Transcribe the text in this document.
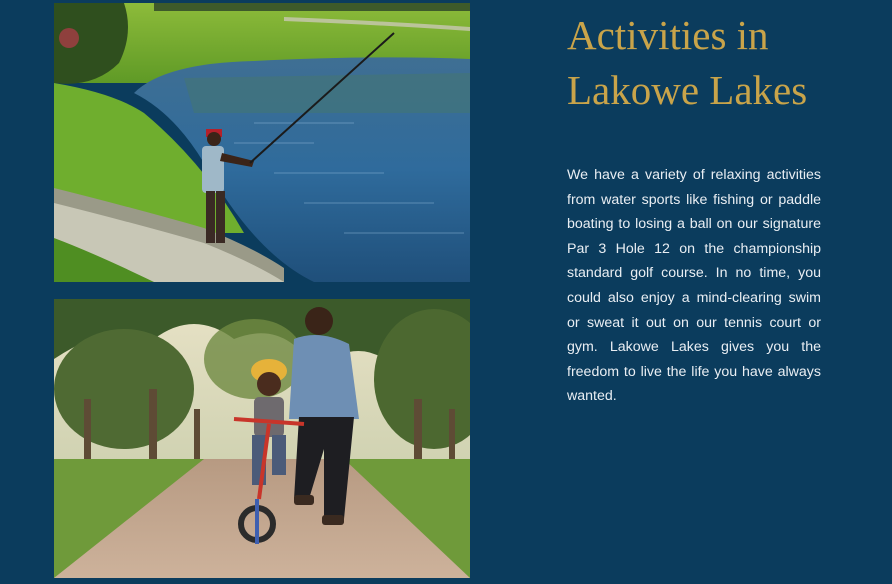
Activities in
Lakowe Lakes

We have a variety of relaxing activities from water sports like fishing or paddle boating to losing a ball on our signature Par 3 Hole 12 on the championship standard golf course. In no time, you could also enjoy a mind-clearing swim or sweat it out on our tennis court or gym. Lakowe Lakes gives you the freedom to live the life you have always wanted.
